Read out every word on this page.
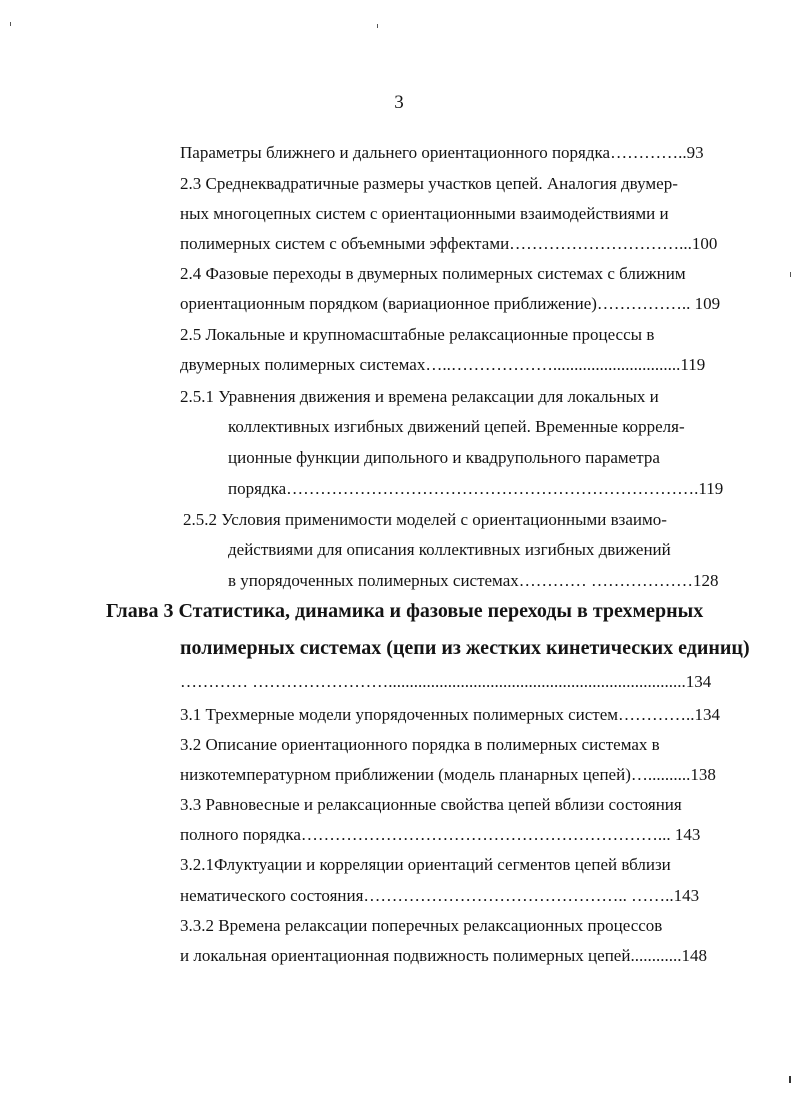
3
Параметры ближнего и дальнего ориентационного порядка…………..93
2.3 Среднеквадратичные размеры участков цепей. Аналогия двумер-
ных многоцепных систем с ориентационными взаимодействиями и
полимерных систем с объемными эффектами…………………………...100
2.4 Фазовые переходы в двумерных полимерных системах с ближним
ориентационным порядком (вариационное приближение)…………….. 109
2.5 Локальные и крупномасштабные релаксационные процессы в
двумерных полимерных системах…..………………..............................119
2.5.1 Уравнения движения и времена релаксации для локальных и
коллективных изгибных движений цепей. Временные корреля-
ционные функции дипольного и квадрупольного параметра
порядка……………………………………………………………….119
2.5.2 Условия применимости моделей с ориентационными взаимо-
действиями для описания коллективных изгибных движений
в упорядоченных полимерных системах………… ………………128
Глава 3 Статистика, динамика и фазовые переходы в трехмерных
полимерных системах (цепи из жестких кинетических единиц)
………… ……………………......................................................................134
3.1 Трехмерные модели упорядоченных полимерных систем…………..134
3.2 Описание ориентационного порядка в полимерных системах в
низкотемпературном приближении (модель планарных цепей)…..........138
3.3 Равновесные и релаксационные свойства цепей вблизи состояния
полного порядка………………………………………………………... 143
3.2.1Флуктуации и корреляции ориентаций сегментов цепей вблизи
нематического состояния……………………………………….. ……..143
3.3.2 Времена релаксации поперечных релаксационных процессов
и локальная ориентационная подвижность полимерных цепей............148
